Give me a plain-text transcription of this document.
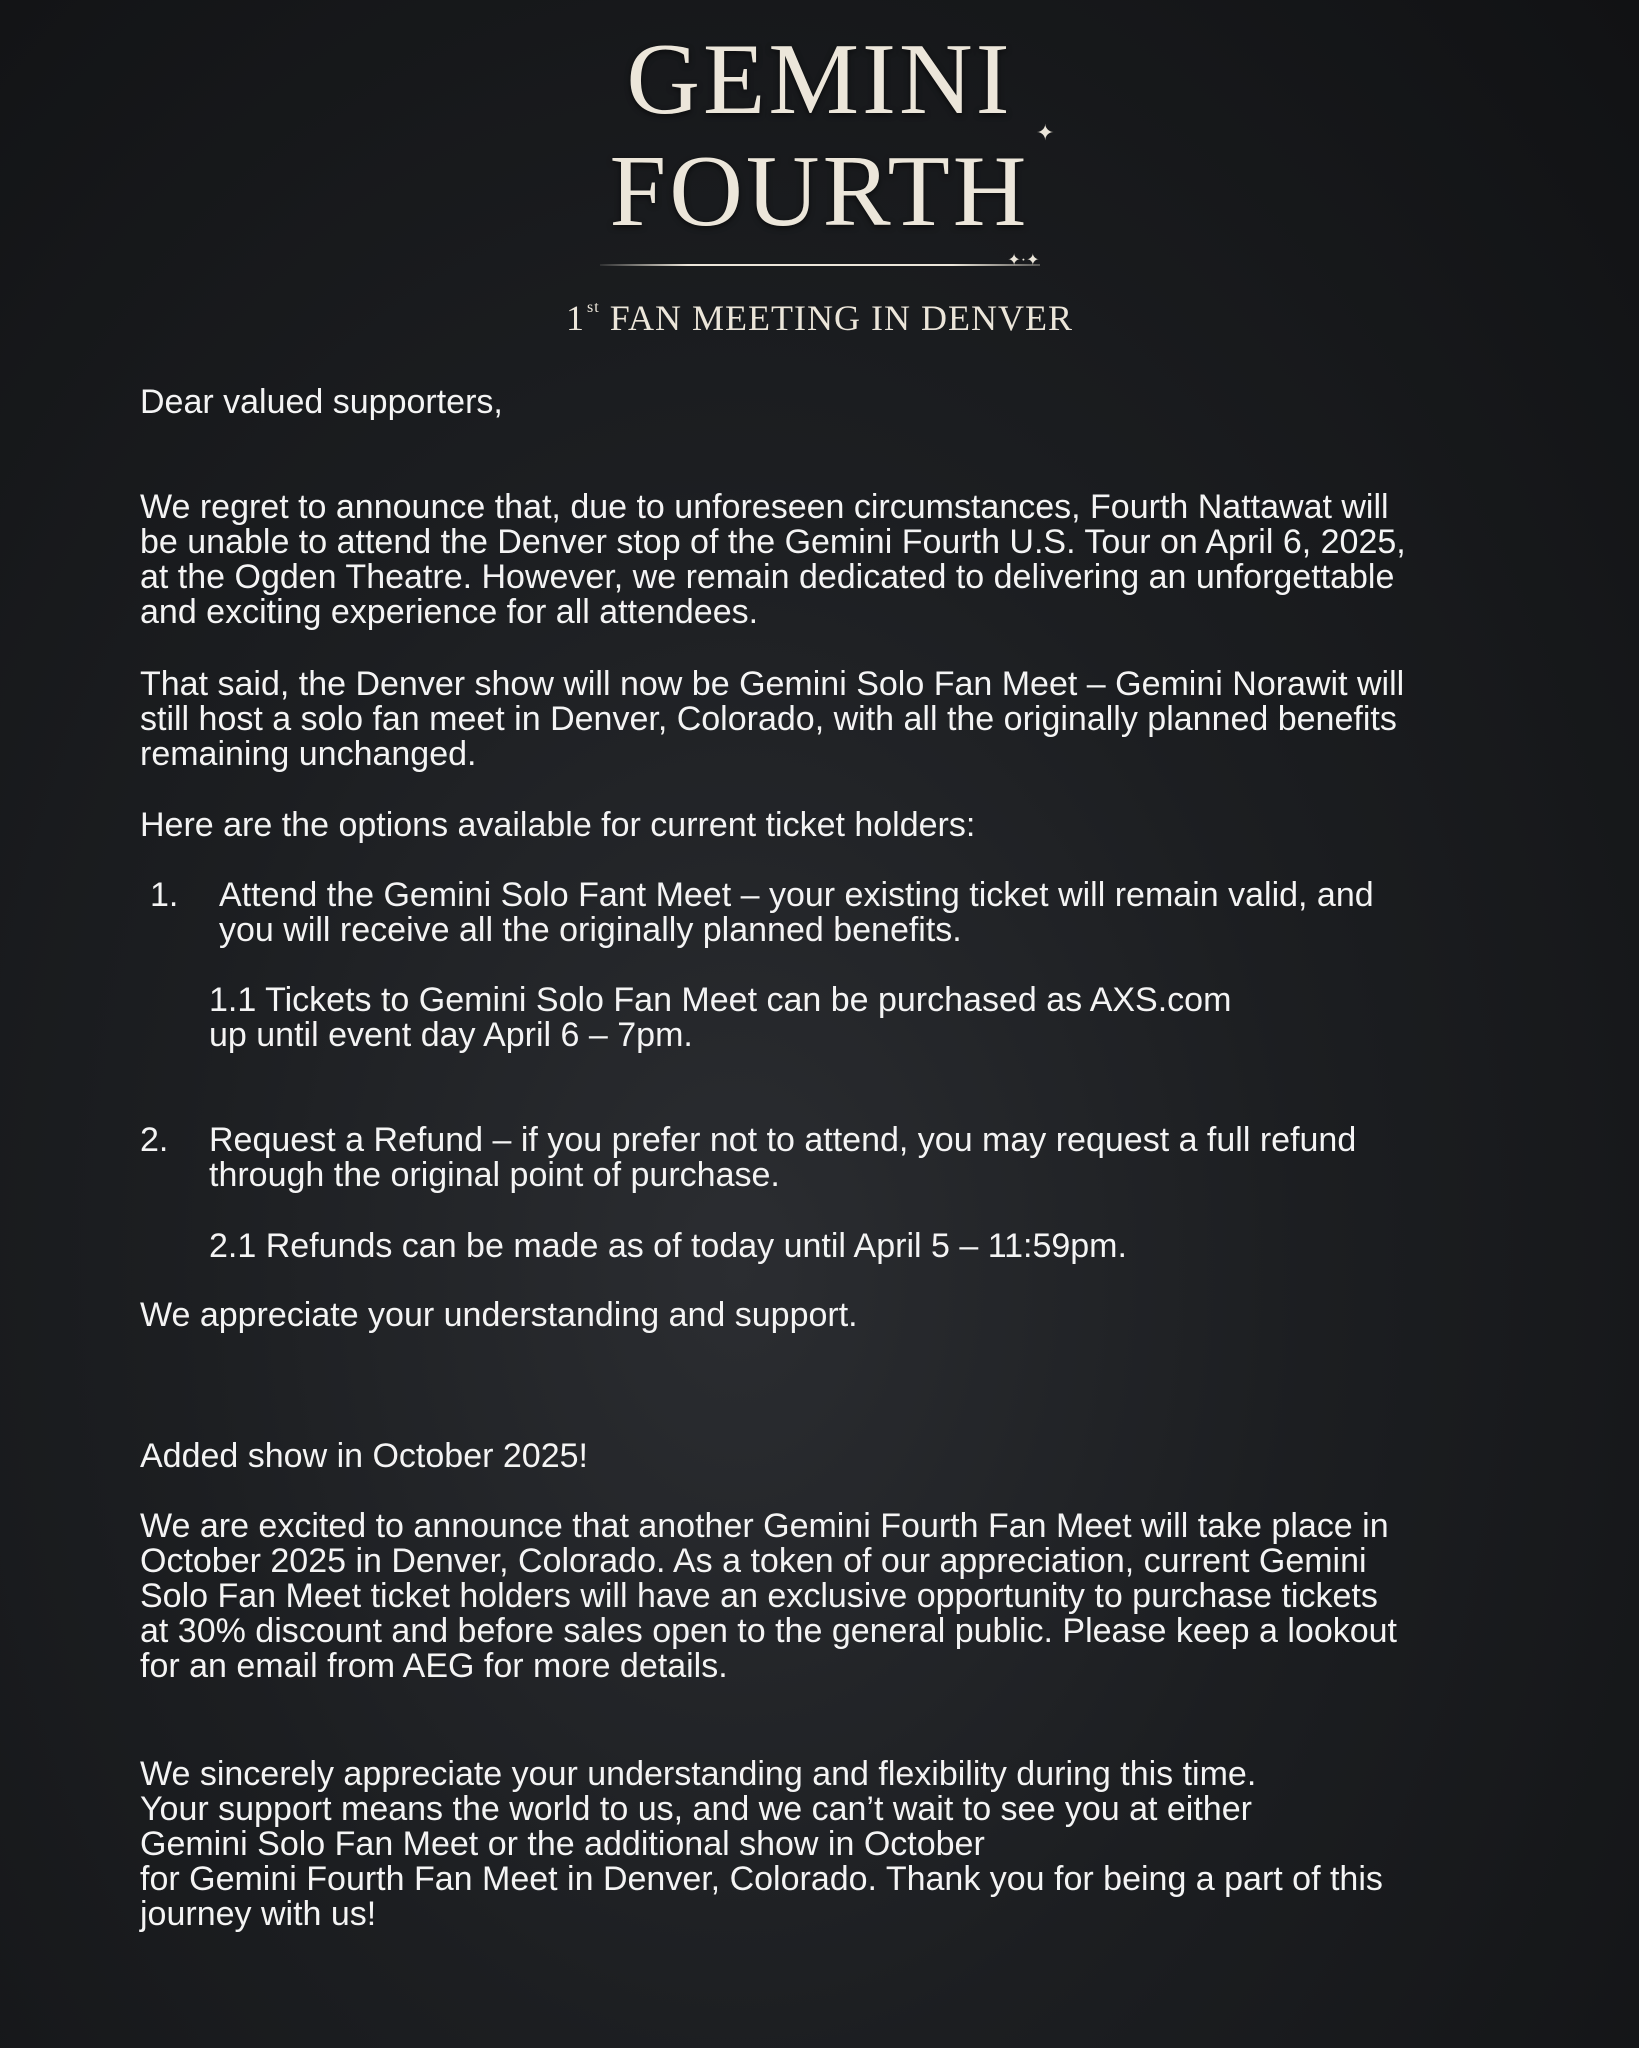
GEMINI
FOURTH
✦·✦
1 $^{st}$ FAN MEETING IN DENVER
✦

Dear valued supporters,

We regret to announce that, due to unforeseen circumstances, Fourth Nattawat will
be unable to attend the Denver stop of the Gemini Fourth U.S. Tour on April 6, 2025,
at the Ogden Theatre. However, we remain dedicated to delivering an unforgettable
and exciting experience for all attendees.

That said, the Denver show will now be Gemini Solo Fan Meet – Gemini Norawit will
still host a solo fan meet in Denver, Colorado, with all the originally planned benefits
remaining unchanged.

Here are the options available for current ticket holders:

1. Attend the Gemini Solo Fant Meet – your existing ticket will remain valid, and
you will receive all the originally planned benefits.

1.1 Tickets to Gemini Solo Fan Meet can be purchased as AXS.com
up until event day April 6 – 7pm.

2. Request a Refund – if you prefer not to attend, you may request a full refund
through the original point of purchase.

2.1 Refunds can be made as of today until April 5 – 11:59pm.

We appreciate your understanding and support.

Added show in October 2025!

We are excited to announce that another Gemini Fourth Fan Meet will take place in
October 2025 in Denver, Colorado. As a token of our appreciation, current Gemini
Solo Fan Meet ticket holders will have an exclusive opportunity to purchase tickets
at 30% discount and before sales open to the general public. Please keep a lookout
for an email from AEG for more details.

We sincerely appreciate your understanding and flexibility during this time.
Your support means the world to us, and we can’t wait to see you at either
Gemini Solo Fan Meet or the additional show in October
for Gemini Fourth Fan Meet in Denver, Colorado. Thank you for being a part of this
journey with us!
